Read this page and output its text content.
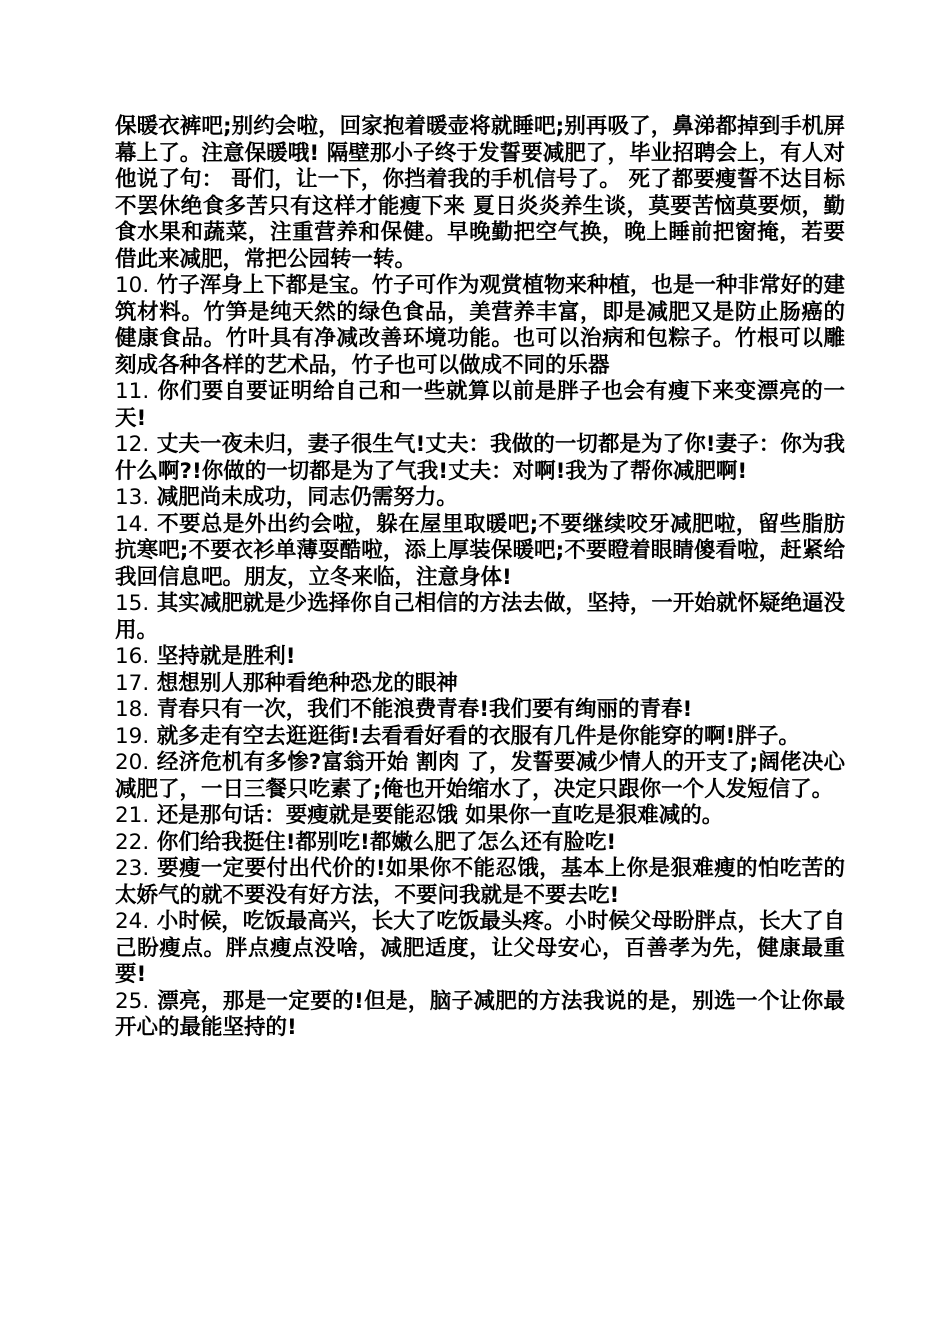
保暖衣裤吧;别约会啦，回家抱着暖壶将就睡吧;别再吸了，鼻涕都掉到手机屏幕上了。注意保暖哦! 隔壁那小子终于发誓要减肥了，毕业招聘会上，有人对他说了句： 哥们，让一下，你挡着我的手机信号了。 死了都要瘦誓不达目标不罢休绝食多苦只有这样才能瘦下来 夏日炎炎养生谈，莫要苦恼莫要烦，勤食水果和蔬菜，注重营养和保健。早晚勤把空气换，晚上睡前把窗掩，若要借此来减肥，常把公园转一转。

10. 竹子浑身上下都是宝。竹子可作为观赏植物来种植，也是一种非常好的建筑材料。竹笋是纯天然的绿色食品，美营养丰富，即是减肥又是防止肠癌的健康食品。竹叶具有净减改善环境功能。也可以治病和包粽子。竹根可以雕刻成各种各样的艺术品，竹子也可以做成不同的乐器

11. 你们要自要证明给自己和一些就算以前是胖子也会有瘦下来变漂亮的一天!

12. 丈夫一夜未归，妻子很生气!丈夫：我做的一切都是为了你!妻子：你为我什么啊?!你做的一切都是为了气我!丈夫：对啊!我为了帮你减肥啊!

13. 减肥尚未成功，同志仍需努力。

14. 不要总是外出约会啦，躲在屋里取暖吧;不要继续咬牙减肥啦，留些脂肪抗寒吧;不要衣衫单薄耍酷啦，添上厚装保暖吧;不要瞪着眼睛傻看啦，赶紧给我回信息吧。朋友，立冬来临，注意身体!

15. 其实减肥就是少选择你自己相信的方法去做，坚持，一开始就怀疑绝逼没用。

16. 坚持就是胜利!

17. 想想别人那种看绝种恐龙的眼神

18. 青春只有一次，我们不能浪费青春!我们要有绚丽的青春!

19. 就多走有空去逛逛街!去看看好看的衣服有几件是你能穿的啊!胖子。

20. 经济危机有多惨?富翁开始 割肉 了，发誓要减少情人的开支了;阔佬决心减肥了，一日三餐只吃素了;俺也开始缩水了，决定只跟你一个人发短信了。

21. 还是那句话：要瘦就是要能忍饿 如果你一直吃是狠难减的。

22. 你们给我挺住!都别吃!都嫩么肥了怎么还有脸吃!

23. 要瘦一定要付出代价的!如果你不能忍饿，基本上你是狠难瘦的怕吃苦的太娇气的就不要没有好方法，不要问我就是不要去吃!

24. 小时候，吃饭最高兴，长大了吃饭最头疼。小时候父母盼胖点，长大了自己盼瘦点。胖点瘦点没啥，减肥适度，让父母安心，百善孝为先，健康最重要!

25. 漂亮，那是一定要的!但是，脑子减肥的方法我说的是，别选一个让你最开心的最能坚持的!
